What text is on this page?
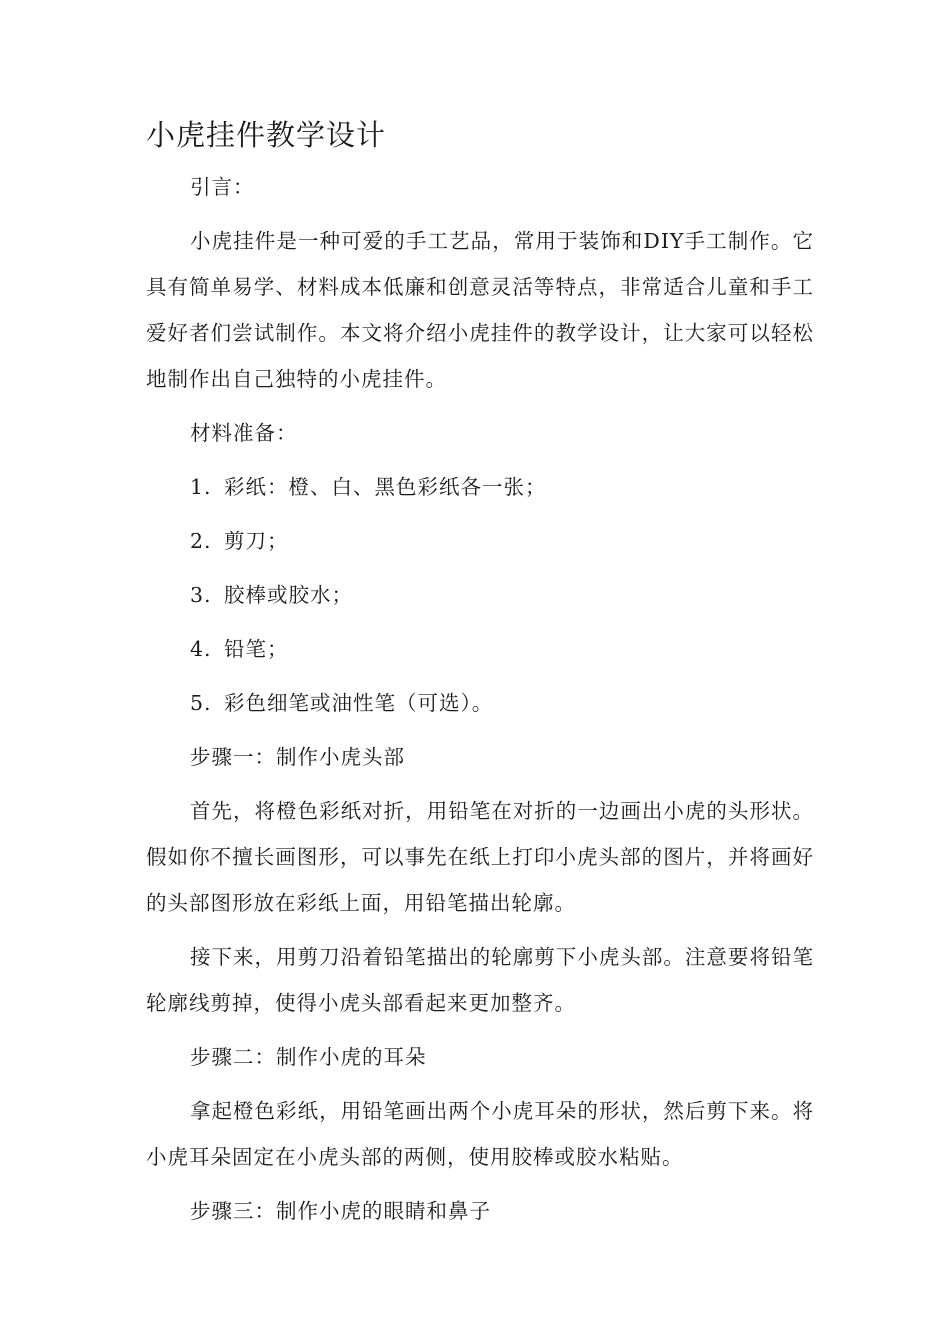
小虎挂件教学设计

引言：

小虎挂件是一种可爱的手工艺品，常用于装饰和DIY手工制作。它具有简单易学、材料成本低廉和创意灵活等特点，非常适合儿童和手工爱好者们尝试制作。本文将介绍小虎挂件的教学设计，让大家可以轻松地制作出自己独特的小虎挂件。

材料准备：

1. 彩纸：橙、白、黑色彩纸各一张；
2. 剪刀；
3. 胶棒或胶水；
4. 铅笔；
5. 彩色细笔或油性笔（可选）。

步骤一：制作小虎头部

首先，将橙色彩纸对折，用铅笔在对折的一边画出小虎的头形状。假如你不擅长画图形，可以事先在纸上打印小虎头部的图片，并将画好的头部图形放在彩纸上面，用铅笔描出轮廓。

接下来，用剪刀沿着铅笔描出的轮廓剪下小虎头部。注意要将铅笔轮廓线剪掉，使得小虎头部看起来更加整齐。

步骤二：制作小虎的耳朵

拿起橙色彩纸，用铅笔画出两个小虎耳朵的形状，然后剪下来。将小虎耳朵固定在小虎头部的两侧，使用胶棒或胶水粘贴。

步骤三：制作小虎的眼睛和鼻子
